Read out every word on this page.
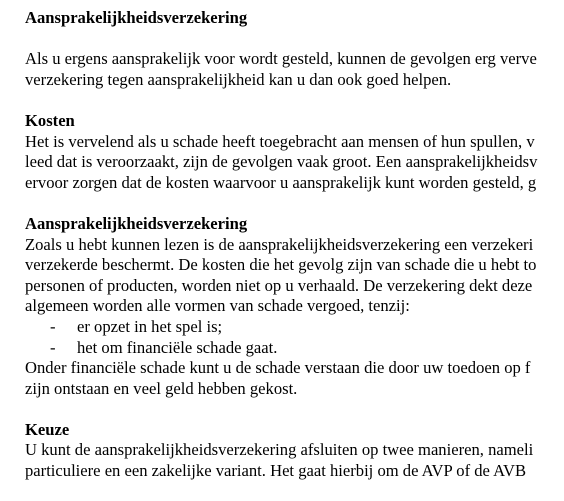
Aansprakelijkheidsverzekering
Als u ergens aansprakelijk voor wordt gesteld, kunnen de gevolgen erg verve
verzekering tegen aansprakelijkheid kan u dan ook goed helpen.
Kosten
Het is vervelend als u schade heeft toegebracht aan mensen of hun spullen, v
leed dat is veroorzaakt, zijn de gevolgen vaak groot. Een aansprakelijkheidsv
ervoor zorgen dat de kosten waarvoor u aansprakelijk kunt worden gesteld, g
Aansprakelijkheidsverzekering
Zoals u hebt kunnen lezen is de aansprakelijkheidsverzekering een verzekeri
verzekerde beschermt. De kosten die het gevolg zijn van schade die u hebt to
personen of producten, worden niet op u verhaald. De verzekering dekt deze
algemeen worden alle vormen van schade vergoed, tenzij:
- er opzet in het spel is;
- het om financiële schade gaat.
Onder financiële schade kunt u de schade verstaan die door uw toedoen op f
zijn ontstaan en veel geld hebben gekost.
Keuze
U kunt de aansprakelijkheidsverzekering afsluiten op twee manieren, nameli
particuliere en een zakelijke variant. Het gaat hierbij om de AVP of de AVB
